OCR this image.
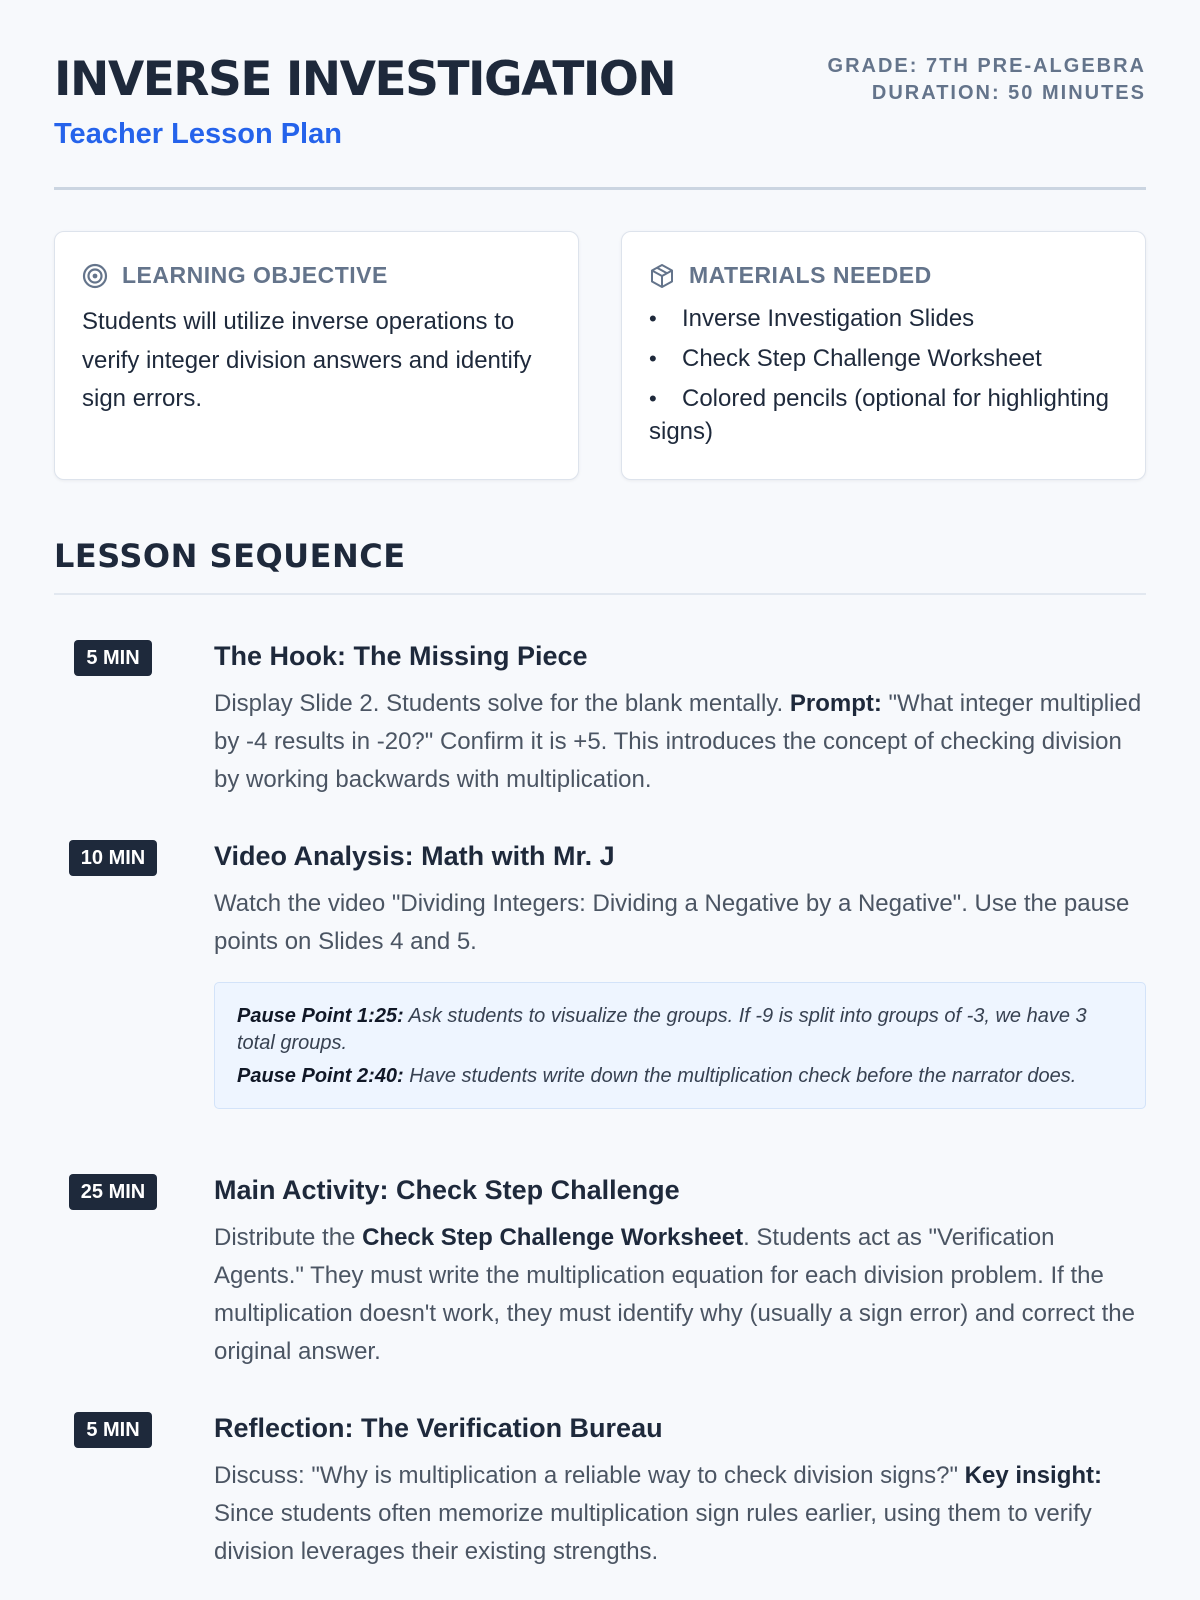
INVERSE INVESTIGATION
Teacher Lesson Plan
GRADE: 7TH PRE-ALGEBRA
DURATION: 50 MINUTES
LEARNING OBJECTIVE

Students will utilize inverse operations to verify integer division answers and identify sign errors.

MATERIALS NEEDED
• Inverse Investigation Slides
• Check Step Challenge Worksheet
• Colored pencils (optional for highlighting signs)
LESSON SEQUENCE
5 MIN	The Hook: The Missing Piece

Display Slide 2. Students solve for the blank mentally. Prompt: "What integer multiplied by -4 results in -20?" Confirm it is +5. This introduces the concept of checking division by working backwards with multiplication.

10 MIN	Video Analysis: Math with Mr. J

Watch the video "Dividing Integers: Dividing a Negative by a Negative". Use the pause points on Slides 4 and 5.

Pause Point 1:25: Ask students to visualize the groups. If -9 is split into groups of -3, we have 3 total groups.

Pause Point 2:40: Have students write down the multiplication check before the narrator does.

25 MIN	Main Activity: Check Step Challenge

Distribute the Check Step Challenge Worksheet. Students act as "Verification Agents." They must write the multiplication equation for each division problem. If the multiplication doesn't work, they must identify why (usually a sign error) and correct the original answer.

5 MIN	Reflection: The Verification Bureau

Discuss: "Why is multiplication a reliable way to check division signs?" Key insight: Since students often memorize multiplication sign rules earlier, using them to verify division leverages their existing strengths.
